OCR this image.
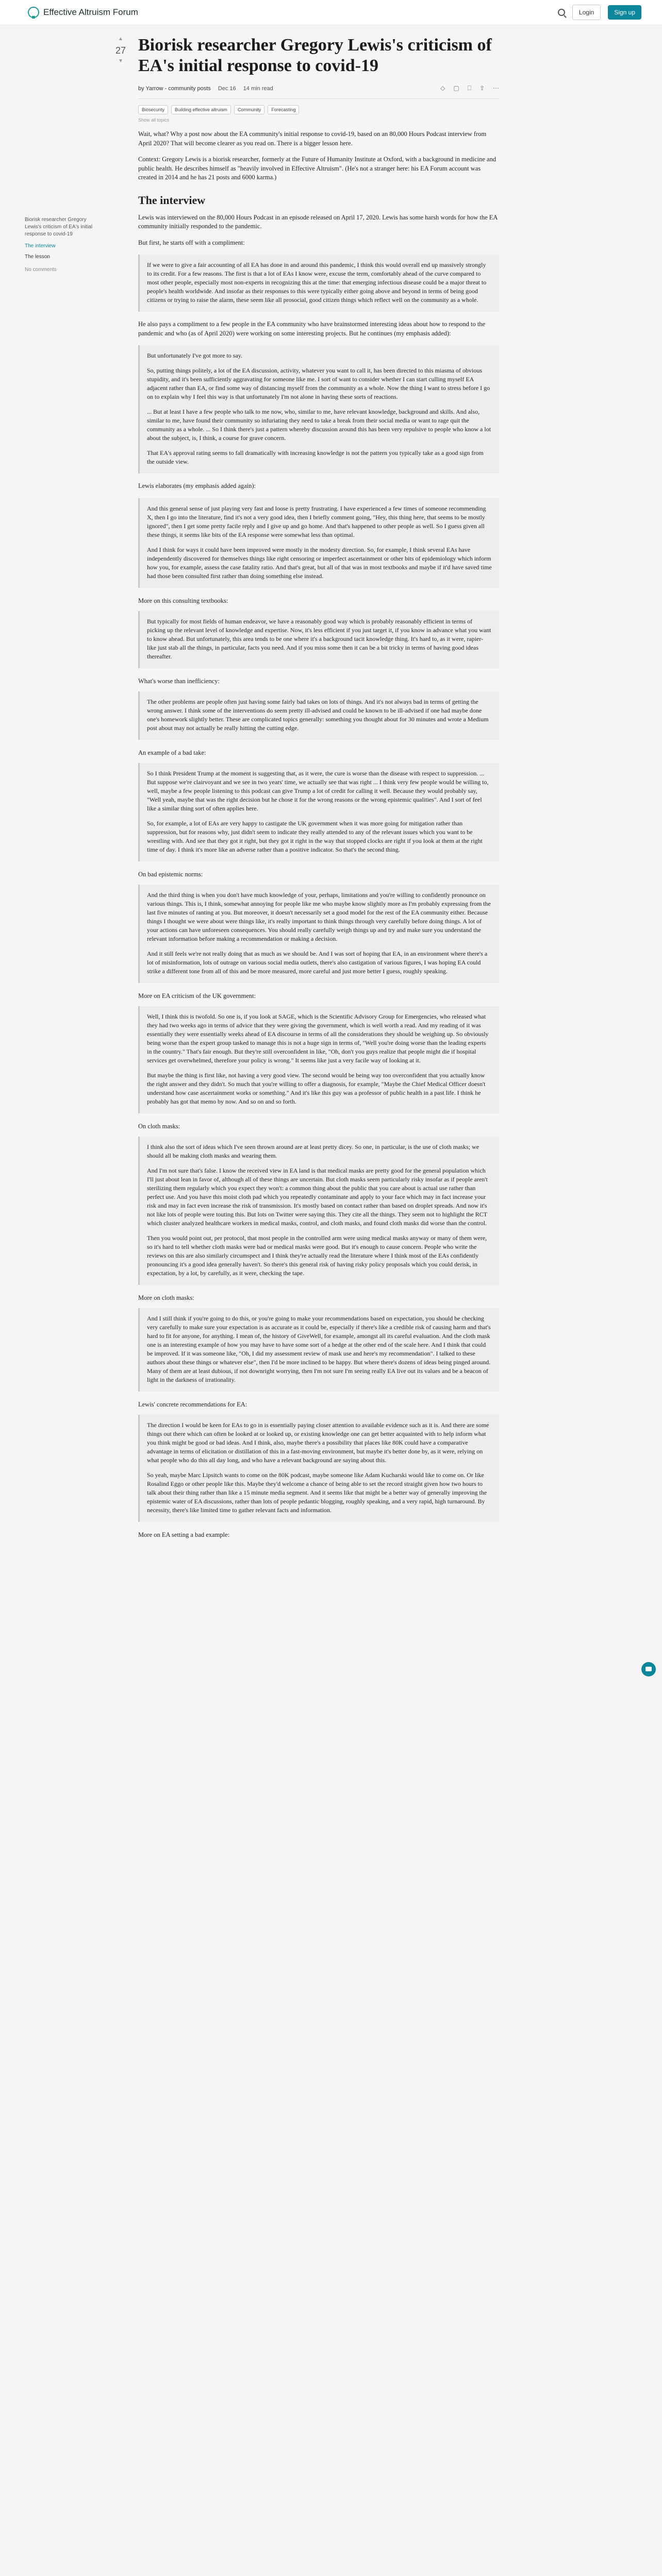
Effective Altruism Forum	Login	Sign up
Biorisk researcher Gregory Lewis's criticism of EA's initial response to covid-19
The interview
The lesson
No comments
▲
27
▼
Biorisk researcher Gregory Lewis's criticism of EA's initial response to covid-19
by Yarrow - community posts Dec 16 14 min read	◇ ▢ ⎕ ⇪ ⋯
Biosecurity	Building effective altruism	Community	Forecasting
Show all topics

Wait, what? Why a post now about the EA community's initial response to covid-19, based on an 80,000 Hours Podcast interview from April 2020? That will become clearer as you read on. There is a bigger lesson here.

Context: Gregory Lewis is a biorisk researcher, formerly at the Future of Humanity Institute at Oxford, with a background in medicine and public health. He describes himself as "heavily involved in Effective Altruism". (He's not a stranger here: his EA Forum account was created in 2014 and he has 21 posts and 6000 karma.)

The interview

Lewis was interviewed on the 80,000 Hours Podcast in an episode released on April 17, 2020. Lewis has some harsh words for how the EA community initially responded to the pandemic.

But first, he starts off with a compliment:

If we were to give a fair accounting of all EA has done in and around this pandemic, I think this would overall end up massively strongly to its credit. For a few reasons. The first is that a lot of EAs I know were, excuse the term, comfortably ahead of the curve compared to most other people, especially most non-experts in recognizing this at the time: that emerging infectious disease could be a major threat to people's health worldwide. And insofar as their responses to this were typically either going above and beyond in terms of being good citizens or trying to raise the alarm, these seem like all prosocial, good citizen things which reflect well on the community as a whole.

He also pays a compliment to a few people in the EA community who have brainstormed interesting ideas about how to respond to the pandemic and who (as of April 2020) were working on some interesting projects. But he continues (my emphasis added):

But unfortunately I've got more to say.
So, putting things politely, a lot of the EA discussion, activity, whatever you want to call it, has been directed to this miasma of obvious stupidity, and it's been sufficiently aggravating for someone like me. I sort of want to consider whether I can start culling myself EA adjacent rather than EA, or find some way of distancing myself from the community as a whole. Now the thing I want to stress before I go on to explain why I feel this way is that unfortunately I'm not alone in having these sorts of reactions.
... But at least I have a few people who talk to me now, who, similar to me, have relevant knowledge, background and skills. And also, similar to me, have found their community so infuriating they need to take a break from their social media or want to rage quit the community as a whole. ... So I think there's just a pattern whereby discussion around this has been very repulsive to people who know a lot about the subject, is, I think, a course for grave concern.
That EA's approval rating seems to fall dramatically with increasing knowledge is not the pattern you typically take as a good sign from the outside view.

Lewis elaborates (my emphasis added again):

And this general sense of just playing very fast and loose is pretty frustrating. I have experienced a few times of someone recommending X, then I go into the literature, find it's not a very good idea, then I briefly comment going, "Hey, this thing here, that seems to be mostly ignored", then I get some pretty facile reply and I give up and go home. And that's happened to other people as well. So I guess given all these things, it seems like bits of the EA response were somewhat less than optimal.
And I think for ways it could have been improved were mostly in the modesty direction. So, for example, I think several EAs have independently discovered for themselves things like right censoring or imperfect ascertainment or other bits of epidemiology which inform how you, for example, assess the case fatality ratio. And that's great, but all of that was in most textbooks and maybe if it'd have saved time had those been consulted first rather than doing something else instead.
More on this consulting textbooks:
But typically for most fields of human endeavor, we have a reasonably good way which is probably reasonably efficient in terms of picking up the relevant level of knowledge and expertise. Now, it's less efficient if you just target it, if you know in advance what you want to know ahead. But unfortunately, this area tends to be one where it's a background tacit knowledge thing. It's hard to, as it were, rapier-like just stab all the things, in particular, facts you need. And if you miss some then it can be a bit tricky in terms of having good ideas thereafter.
What's worse than inefficiency:
The other problems are people often just having some fairly bad takes on lots of things. And it's not always bad in terms of getting the wrong answer. I think some of the interventions do seem pretty ill-advised and could be known to be ill-advised if one had maybe done one's homework slightly better. These are complicated topics generally: something you thought about for 30 minutes and wrote a Medium post about may not actually be really hitting the cutting edge.
An example of a bad take:
So I think President Trump at the moment is suggesting that, as it were, the cure is worse than the disease with respect to suppression. ... But suppose we're clairvoyant and we see in two years' time, we actually see that was right ... I think very few people would be willing to, well, maybe a few people listening to this podcast can give Trump a lot of credit for calling it well. Because they would probably say, "Well yeah, maybe that was the right decision but he chose it for the wrong reasons or the wrong epistemic qualities". And I sort of feel like a similar thing sort of often applies here.
So, for example, a lot of EAs are very happy to castigate the UK government when it was more going for mitigation rather than suppression, but for reasons why, just didn't seem to indicate they really attended to any of the relevant issues which you want to be wrestling with. And see that they got it right, but they got it right in the way that stopped clocks are right if you look at them at the right time of day. I think it's more like an adverse rather than a positive indicator. So that's the second thing.
On bad epistemic norms:
And the third thing is when you don't have much knowledge of your, perhaps, limitations and you're willing to confidently pronounce on various things. This is, I think, somewhat annoying for people like me who maybe know slightly more as I'm probably expressing from the last five minutes of ranting at you. But moreover, it doesn't necessarily set a good model for the rest of the EA community either. Because things I thought we were about were things like, it's really important to think things through very carefully before doing things. A lot of your actions can have unforeseen consequences. You should really carefully weigh things up and try and make sure you understand the relevant information before making a recommendation or making a decision.
And it still feels we're not really doing that as much as we should be. And I was sort of hoping that EA, in an environment where there's a lot of misinformation, lots of outrage on various social media outlets, there's also castigation of various figures, I was hoping EA could strike a different tone from all of this and be more measured, more careful and just more better I guess, roughly speaking.
More on EA criticism of the UK government:
Well, I think this is twofold. So one is, if you look at SAGE, which is the Scientific Advisory Group for Emergencies, who released what they had two weeks ago in terms of advice that they were giving the government, which is well worth a read. And my reading of it was essentially they were essentially weeks ahead of EA discourse in terms of all the considerations they should be weighing up. So obviously being worse than the expert group tasked to manage this is not a huge sign in terms of, "Well you're doing worse than the leading experts in the country." That's fair enough. But they're still overconfident in like, "Oh, don't you guys realize that people might die if hospital services get overwhelmed, therefore your policy is wrong." It seems like just a very facile way of looking at it.
But maybe the thing is first like, not having a very good view. The second would be being way too overconfident that you actually know the right answer and they didn't. So much that you're willing to offer a diagnosis, for example, "Maybe the Chief Medical Officer doesn't understand how case ascertainment works or something." And it's like this guy was a professor of public health in a past life. I think he probably has got that memo by now. And so on and so forth.
On cloth masks:
I think also the sort of ideas which I've seen thrown around are at least pretty dicey. So one, in particular, is the use of cloth masks; we should all be making cloth masks and wearing them.
And I'm not sure that's false. I know the received view in EA land is that medical masks are pretty good for the general population which I'll just about lean in favor of, although all of these things are uncertain. But cloth masks seem particularly risky insofar as if people aren't sterilizing them regularly which you expect they won't: a common thing about the public that you care about is actual use rather than perfect use. And you have this moist cloth pad which you repeatedly contaminate and apply to your face which may in fact increase your risk and may in fact even increase the risk of transmission. It's mostly based on contact rather than based on droplet spreads. And now it's not like lots of people were touting this. But lots on Twitter were saying this. They cite all the things. They seem not to highlight the RCT which cluster analyzed healthcare workers in medical masks, control, and cloth masks, and found cloth masks did worse than the control.
Then you would point out, per protocol, that most people in the controlled arm were using medical masks anyway or many of them were, so it's hard to tell whether cloth masks were bad or medical masks were good. But it's enough to cause concern. People who write the reviews on this are also similarly circumspect and I think they're actually read the literature where I think most of the EAs confidently pronouncing it's a good idea generally haven't. So there's this general risk of having risky policy proposals which you could derisk, in expectation, by a lot, by carefully, as it were, checking the tape.
More on cloth masks:
And I still think if you're going to do this, or you're going to make your recommendations based on expectation, you should be checking very carefully to make sure your expectation is as accurate as it could be, especially if there's like a credible risk of causing harm and that's hard to fit for anyone, for anything. I mean of, the history of GiveWell, for example, amongst all its careful evaluation. And the cloth mask one is an interesting example of how you may have to have some sort of a hedge at the other end of the scale here. And I think that could be improved. If it was someone like, "Oh, I did my assessment review of mask use and here's my recommendation". I talked to these authors about these things or whatever else", then I'd be more inclined to be happy. But where there's dozens of ideas being pinged around. Many of them are at least dubious, if not downright worrying, then I'm not sure I'm seeing really EA live out its values and be a beacon of light in the darkness of irrationality.
Lewis' concrete recommendations for EA:
The direction I would be keen for EAs to go in is essentially paying closer attention to available evidence such as it is. And there are some things out there which can often be looked at or looked up, or existing knowledge one can get better acquainted with to help inform what you think might be good or bad ideas. And I think, also, maybe there's a possibility that places like 80K could have a comparative advantage in terms of elicitation or distillation of this in a fast-moving environment, but maybe it's better done by, as it were, relying on what people who do this all day long, and who have a relevant background are saying about this.
So yeah, maybe Marc Lipsitch wants to come on the 80K podcast, maybe someone like Adam Kucharski would like to come on. Or like Rosalind Eggo or other people like this. Maybe they'd welcome a chance of being able to set the record straight given how two hours to talk about their thing rather than like a 15 minute media segment. And it seems like that might be a better way of generally improving the epistemic water of EA discussions, rather than lots of people pedantic blogging, roughly speaking, and a very rapid, high turnaround. By necessity, there's like limited time to gather relevant facts and information.
More on EA setting a bad example:
